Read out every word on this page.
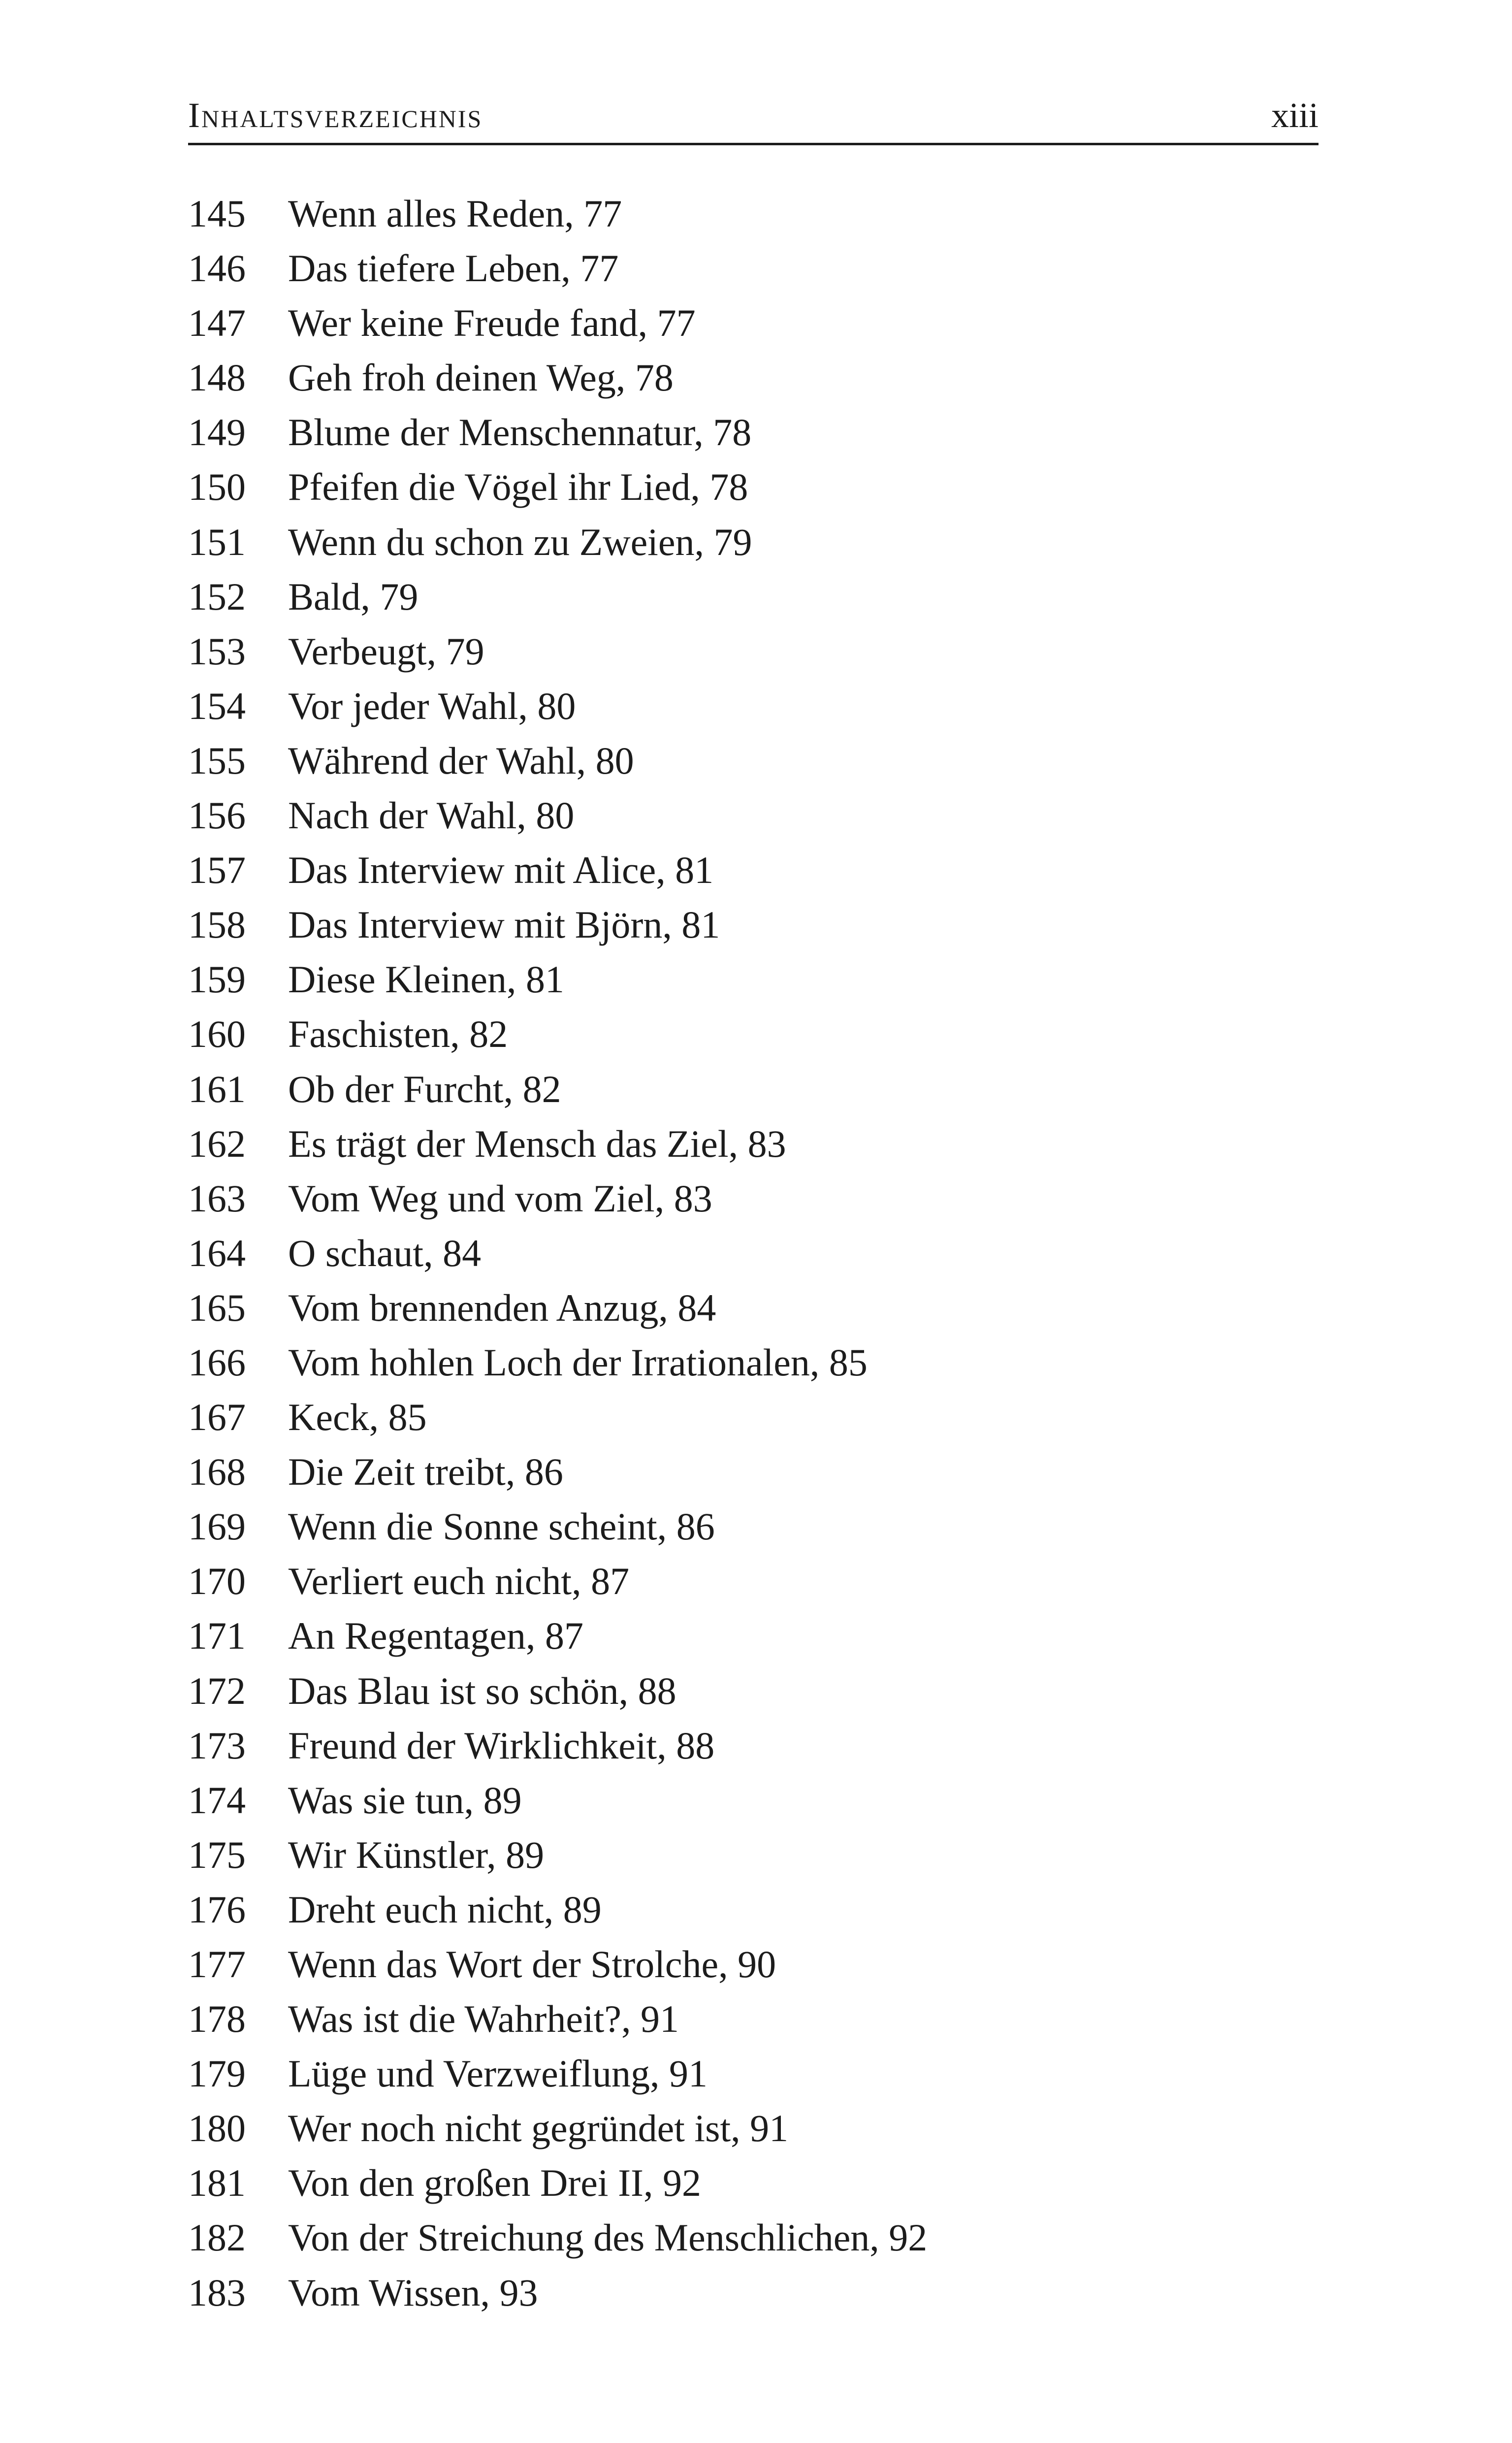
Inhaltsverzeichnis	xiii
145	Wenn alles Reden, 77
146	Das tiefere Leben, 77
147	Wer keine Freude fand, 77
148	Geh froh deinen Weg, 78
149	Blume der Menschennatur, 78
150	Pfeifen die Vögel ihr Lied, 78
151	Wenn du schon zu Zweien, 79
152	Bald, 79
153	Verbeugt, 79
154	Vor jeder Wahl, 80
155	Während der Wahl, 80
156	Nach der Wahl, 80
157	Das Interview mit Alice, 81
158	Das Interview mit Björn, 81
159	Diese Kleinen, 81
160	Faschisten, 82
161	Ob der Furcht, 82
162	Es trägt der Mensch das Ziel, 83
163	Vom Weg und vom Ziel, 83
164	O schaut, 84
165	Vom brennenden Anzug, 84
166	Vom hohlen Loch der Irrationalen, 85
167	Keck, 85
168	Die Zeit treibt, 86
169	Wenn die Sonne scheint, 86
170	Verliert euch nicht, 87
171	An Regentagen, 87
172	Das Blau ist so schön, 88
173	Freund der Wirklichkeit, 88
174	Was sie tun, 89
175	Wir Künstler, 89
176	Dreht euch nicht, 89
177	Wenn das Wort der Strolche, 90
178	Was ist die Wahrheit?, 91
179	Lüge und Verzweiflung, 91
180	Wer noch nicht gegründet ist, 91
181	Von den großen Drei II, 92
182	Von der Streichung des Menschlichen, 92
183	Vom Wissen, 93
